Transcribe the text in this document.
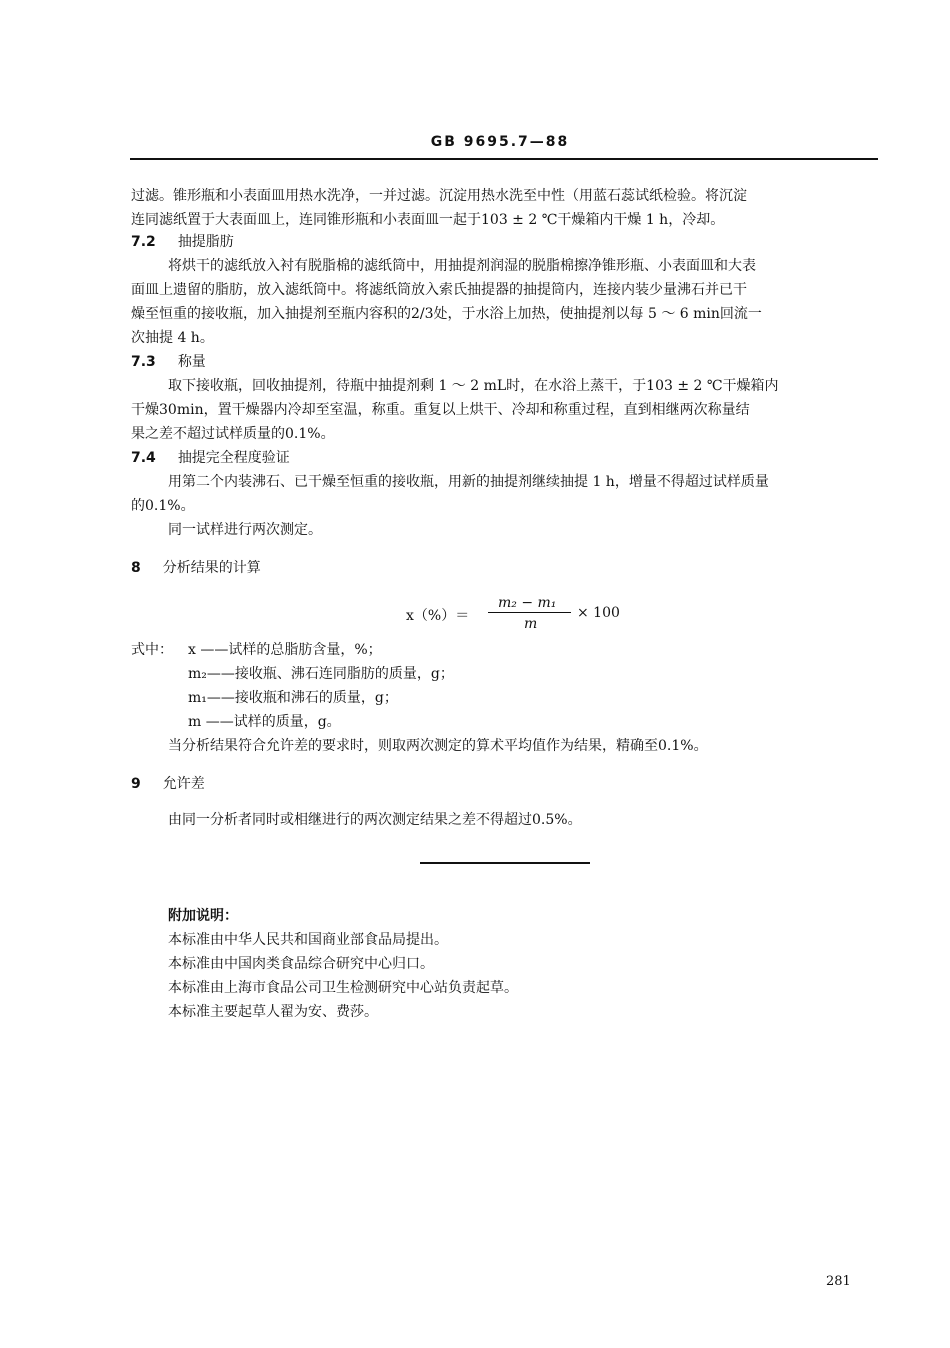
GB 9695.7—88
过滤。锥形瓶和小表面皿用热水洗净，一并过滤。沉淀用热水洗至中性（用蓝石蕊试纸检验。将沉淀
连同滤纸置于大表面皿上，连同锥形瓶和小表面皿一起于103 ± 2 ℃干燥箱内干燥 1 h，冷却。
7.2 抽提脂肪
将烘干的滤纸放入衬有脱脂棉的滤纸筒中，用抽提剂润湿的脱脂棉擦净锥形瓶、小表面皿和大表
面皿上遗留的脂肪，放入滤纸筒中。将滤纸筒放入索氏抽提器的抽提筒内，连接内装少量沸石并已干
燥至恒重的接收瓶，加入抽提剂至瓶内容积的2/3处，于水浴上加热，使抽提剂以每 5 ～ 6 min回流一
次抽提 4 h。
7.3 称量
取下接收瓶，回收抽提剂，待瓶中抽提剂剩 1 ～ 2 mL时，在水浴上蒸干，于103 ± 2 ℃干燥箱内
干燥30min，置干燥器内冷却至室温，称重。重复以上烘干、冷却和称重过程，直到相继两次称量结
果之差不超过试样质量的0.1%。
7.4 抽提完全程度验证
用第二个内装沸石、已干燥至恒重的接收瓶，用新的抽提剂继续抽提 1 h，增量不得超过试样质量
的0.1%。
同一试样进行两次测定。
8 分析结果的计算
x（%）＝
m₂ − m₁
m
× 100
式中： x ——试样的总脂肪含量，%；
m₂——接收瓶、沸石连同脂肪的质量，g；
m₁——接收瓶和沸石的质量，g；
m ——试样的质量，g。
当分析结果符合允许差的要求时，则取两次测定的算术平均值作为结果，精确至0.1%。
9 允许差
由同一分析者同时或相继进行的两次测定结果之差不得超过0.5%。
附加说明：
本标准由中华人民共和国商业部食品局提出。
本标准由中国肉类食品综合研究中心归口。
本标准由上海市食品公司卫生检测研究中心站负责起草。
本标准主要起草人翟为安、费莎。
281
